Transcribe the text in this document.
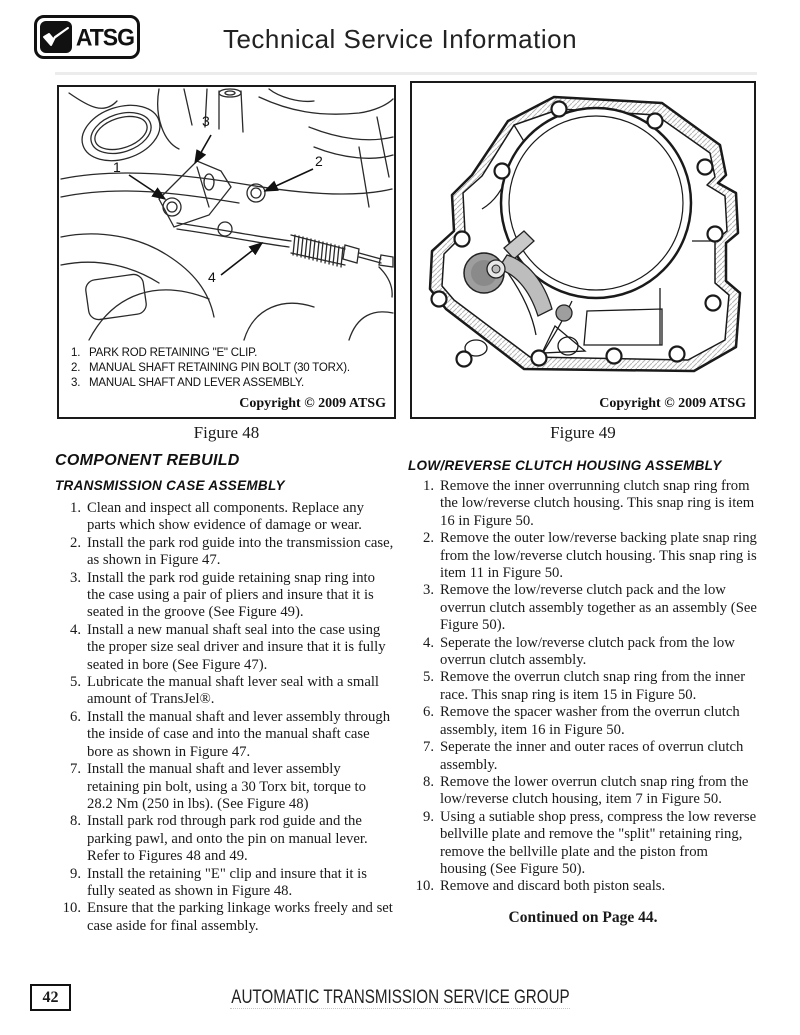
ATSG	Technical Service Information
1	2
3
4
1. PARK ROD RETAINING "E" CLIP.
2. MANUAL SHAFT RETAINING PIN BOLT (30 TORX).
3. MANUAL SHAFT AND LEVER ASSEMBLY.
Copyright © 2009 ATSG
Figure 48
Copyright © 2009 ATSG
Figure 49
COMPONENT REBUILD
TRANSMISSION CASE ASSEMBLY
1. Clean and inspect all components. Replace any parts which show evidence of damage or wear.
2. Install the park rod guide into the transmission case, as shown in Figure 47.
3. Install the park rod guide retaining snap ring into the case using a pair of pliers and insure that it is seated in the groove (See Figure 49).
4. Install a new manual shaft seal into the case using the proper size seal driver and insure that it is fully seated in bore (See Figure 47).
5. Lubricate the manual shaft lever seal with a small amount of TransJel®.
6. Install the manual shaft and lever assembly through the inside of case and into the manual shaft case bore as shown in Figure 47.
7. Install the manual shaft and lever assembly retaining pin bolt, using a 30 Torx bit, torque to 28.2 Nm (250 in lbs). (See Figure 48)
8. Install park rod through park rod guide and the parking pawl, and onto the pin on manual lever. Refer to Figures 48 and 49.
9. Install the retaining "E" clip and insure that it is fully seated as shown in Figure 48.
10. Ensure that the parking linkage works freely and set case aside for final assembly.
LOW/REVERSE CLUTCH HOUSING ASSEMBLY
1. Remove the inner overrunning clutch snap ring from the low/reverse clutch housing. This snap ring is item 16 in Figure 50.
2. Remove the outer low/reverse backing plate snap ring from the low/reverse clutch housing. This snap ring is item 11 in Figure 50.
3. Remove the low/reverse clutch pack and the low overrun clutch assembly together as an assembly (See Figure 50).
4. Seperate the low/reverse clutch pack from the low overrun clutch assembly.
5. Remove the overrun clutch snap ring from the inner race. This snap ring is item 15 in Figure 50.
6. Remove the spacer washer from the overrun clutch assembly, item 16 in Figure 50.
7. Seperate the inner and outer races of overrun clutch assembly.
8. Remove the lower overrun clutch snap ring from the low/reverse clutch housing, item 7 in Figure 50.
9. Using a sutiable shop press, compress the low reverse bellville plate and remove the "split" retaining ring, remove the bellville plate and the piston from housing (See Figure 50).
10. Remove and discard both piston seals.
Continued on Page 44.
42	AUTOMATIC TRANSMISSION SERVICE GROUP
